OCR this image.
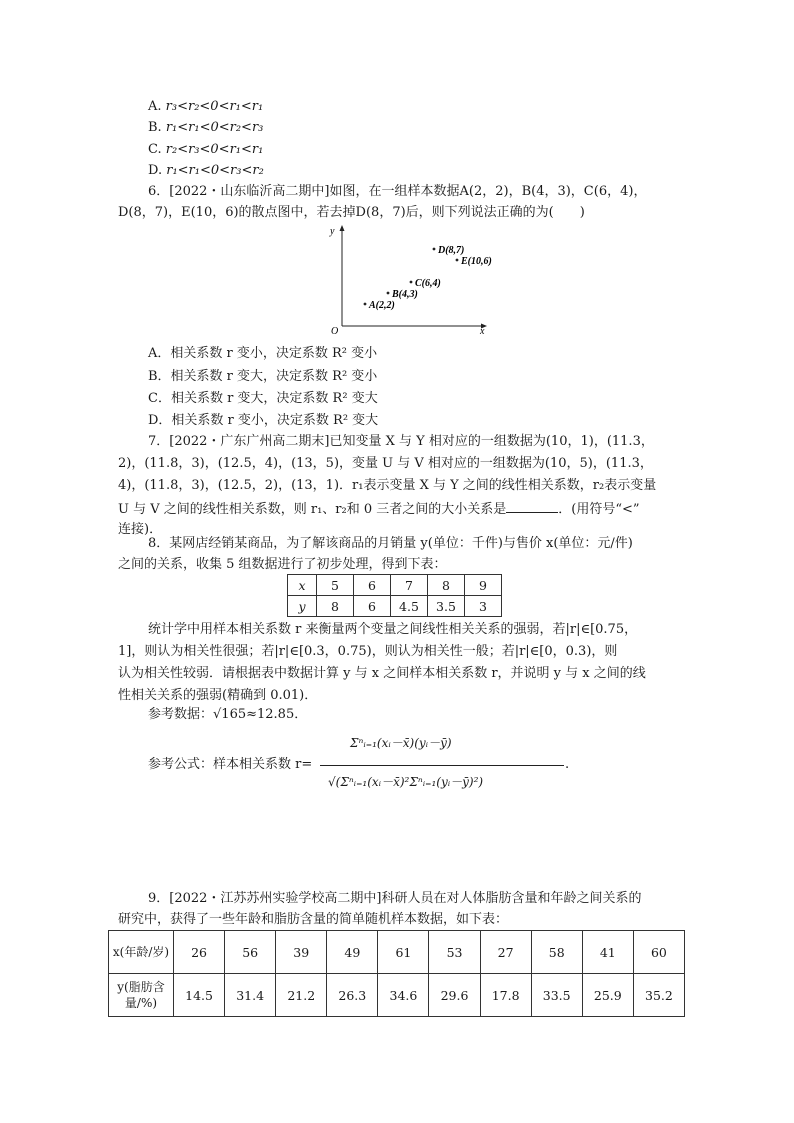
A. r₃<r₂<0<r₁<r₁
B. r₁<r₁<0<r₂<r₃
C. r₂<r₃<0<r₁<r₁
D. r₁<r₁<0<r₃<r₂
6．[2022・山东临沂高二期中]如图，在一组样本数据A(2，2)，B(4，3)，C(6，4)，
D(8，7)，E(10，6)的散点图中，若去掉D(8，7)后，则下列说法正确的为(　　)
y
x
O
A(2,2)
B(4,3)
C(6,4)
D(8,7)
E(10,6)
A．相关系数 r 变小，决定系数 R² 变小
B．相关系数 r 变大，决定系数 R² 变小
C．相关系数 r 变大，决定系数 R² 变大
D．相关系数 r 变小，决定系数 R² 变大
7．[2022・广东广州高二期末]已知变量 X 与 Y 相对应的一组数据为(10，1)，(11.3，
2)，(11.8，3)，(12.5，4)，(13，5)，变量 U 与 V 相对应的一组数据为(10，5)，(11.3，
4)，(11.8，3)，(12.5，2)，(13，1)．r₁表示变量 X 与 Y 之间的线性相关系数，r₂表示变量
U 与 V 之间的线性相关系数，则 r₁、r₂和 0 三者之间的大小关系是	．(用符号“<”
连接)．
8．某网店经销某商品，为了解该商品的月销量 y(单位：千件)与售价 x(单位：元/件)
之间的关系，收集 5 组数据进行了初步处理，得到下表：
x	5	6	7	8	9
y	8	6	4.5	3.5	3
统计学中用样本相关系数 r 来衡量两个变量之间线性相关关系的强弱，若|r|∈[0.75，
1]，则认为相关性很强；若|r|∈[0.3，0.75)，则认为相关性一般；若|r|∈[0，0.3)，则
认为相关性较弱．请根据表中数据计算 y 与 x 之间样本相关系数 r，并说明 y 与 x 之间的线
性相关关系的强弱(精确到 0.01)．
参考数据：√165≈12.85．
参考公式：样本相关系数 r=
Σⁿᵢ₌₁(xᵢ－x̄)(yᵢ－ȳ)
√(Σⁿᵢ₌₁(xᵢ－x̄)²Σⁿᵢ₌₁(yᵢ－ȳ)²)
.
9．[2022・江苏苏州实验学校高二期中]科研人员在对人体脂肪含量和年龄之间关系的
研究中，获得了一些年龄和脂肪含量的简单随机样本数据，如下表：
x(年龄/岁)	26	56	39	49	61	53	27	58	41	60
y(脂肪含量/%)	14.5	31.4	21.2	26.3	34.6	29.6	17.8	33.5	25.9	35.2
